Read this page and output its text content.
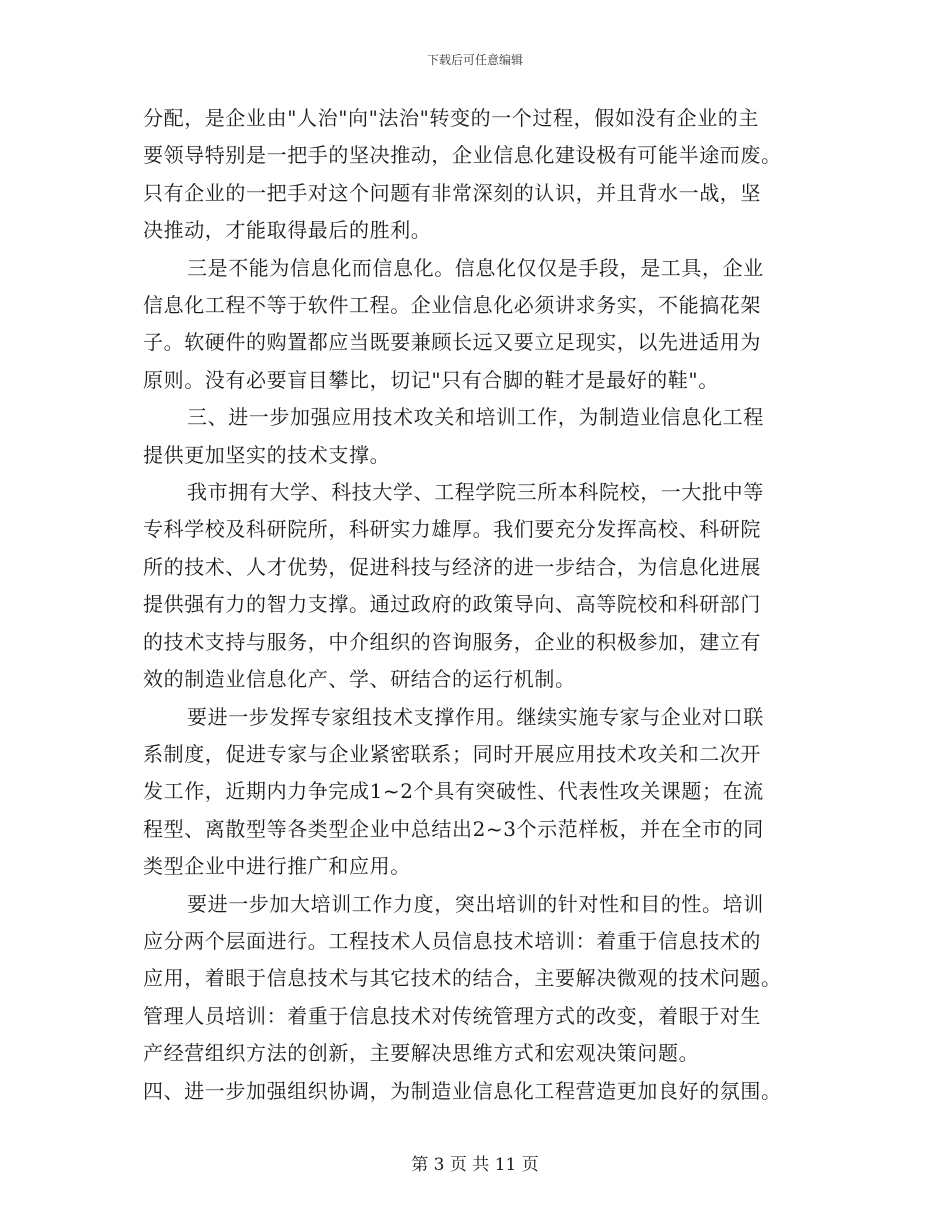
下载后可任意编辑
分配，是企业由"人治"向"法治"转变的一个过程，假如没有企业的主
要领导特别是一把手的坚决推动，企业信息化建设极有可能半途而废。
只有企业的一把手对这个问题有非常深刻的认识，并且背水一战，坚
决推动，才能取得最后的胜利。
三是不能为信息化而信息化。信息化仅仅是手段，是工具，企业
信息化工程不等于软件工程。企业信息化必须讲求务实，不能搞花架
子。软硬件的购置都应当既要兼顾长远又要立足现实，以先进适用为
原则。没有必要盲目攀比，切记"只有合脚的鞋才是最好的鞋"。
三、进一步加强应用技术攻关和培训工作，为制造业信息化工程
提供更加坚实的技术支撑。
我市拥有大学、科技大学、工程学院三所本科院校，一大批中等
专科学校及科研院所，科研实力雄厚。我们要充分发挥高校、科研院
所的技术、人才优势，促进科技与经济的进一步结合，为信息化进展
提供强有力的智力支撑。通过政府的政策导向、高等院校和科研部门
的技术支持与服务，中介组织的咨询服务，企业的积极参加，建立有
效的制造业信息化产、学、研结合的运行机制。
要进一步发挥专家组技术支撑作用。继续实施专家与企业对口联
系制度，促进专家与企业紧密联系；同时开展应用技术攻关和二次开
发工作，近期内力争完成1~2个具有突破性、代表性攻关课题；在流
程型、离散型等各类型企业中总结出2~3个示范样板，并在全市的同
类型企业中进行推广和应用。
要进一步加大培训工作力度，突出培训的针对性和目的性。培训
应分两个层面进行。工程技术人员信息技术培训：着重于信息技术的
应用，着眼于信息技术与其它技术的结合，主要解决微观的技术问题。
管理人员培训：着重于信息技术对传统管理方式的改变，着眼于对生
产经营组织方法的创新，主要解决思维方式和宏观决策问题。
四、进一步加强组织协调，为制造业信息化工程营造更加良好的氛围。
第 3 页 共 11 页
